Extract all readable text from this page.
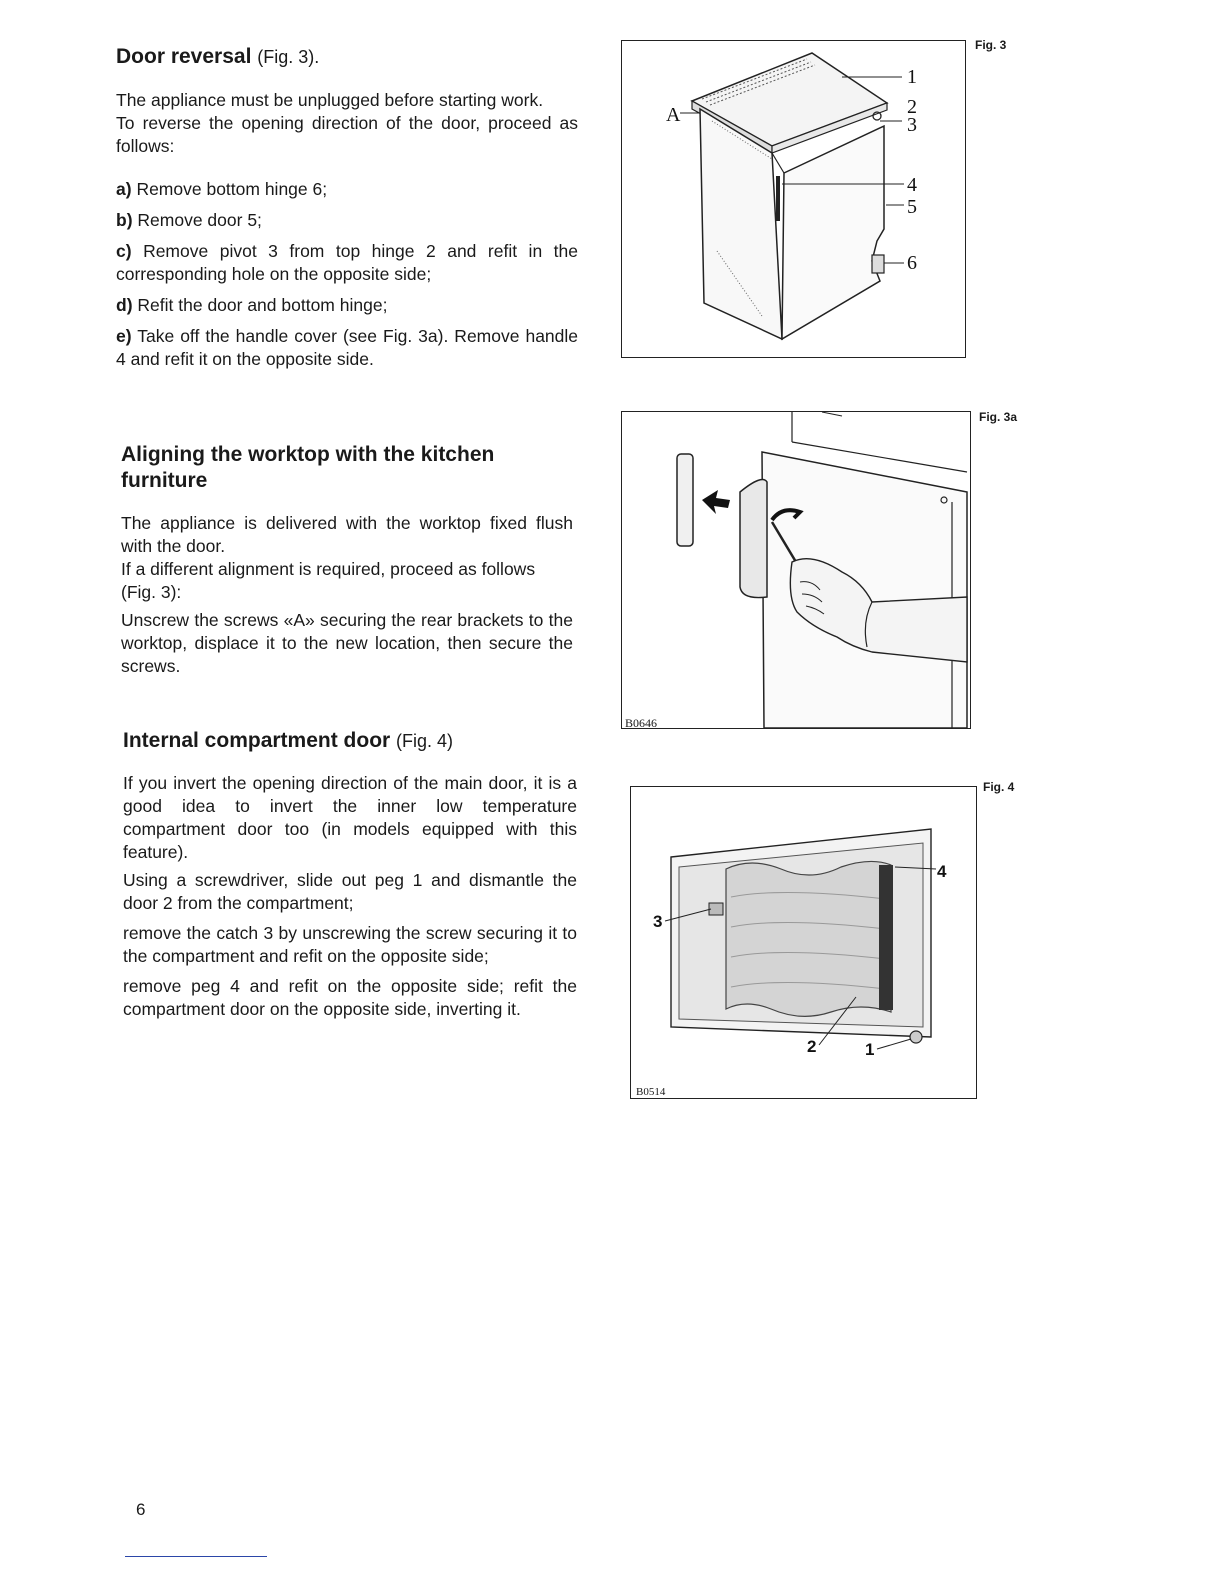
Door reversal (Fig. 3).

The appliance must be unplugged before starting work.

To reverse the opening direction of the door, proceed as follows:

a) Remove bottom hinge 6;

b) Remove door 5;

c) Remove pivot 3 from top hinge 2 and refit in the corresponding hole on the opposite side;

d) Refit the door and bottom hinge;

e) Take off the handle cover (see Fig. 3a). Remove handle 4 and refit it on the opposite side.

Aligning the worktop with the kitchen furniture

The appliance is delivered with the worktop fixed flush with the door.

If a different alignment is required, proceed as follows (Fig. 3):

Unscrew the screws «A» securing the rear brackets to the worktop, displace it to the new location, then secure the screws.

Internal compartment door (Fig. 4)

If you invert the opening direction of the main door, it is a good idea to invert the inner low temperature compartment door too (in models equipped with this feature).

Using a screwdriver, slide out peg 1 and dismantle the door 2 from the compartment;

remove the catch 3 by unscrewing the screw securing it to the compartment and refit on the opposite side;

remove peg 4 and refit on the opposite side; refit the compartment door on the opposite side, inverting it.

1
2
3
4
5
6
A
Fig. 3
B0646
Fig. 3a
3
4
2	1
B0514
Fig. 4
6
